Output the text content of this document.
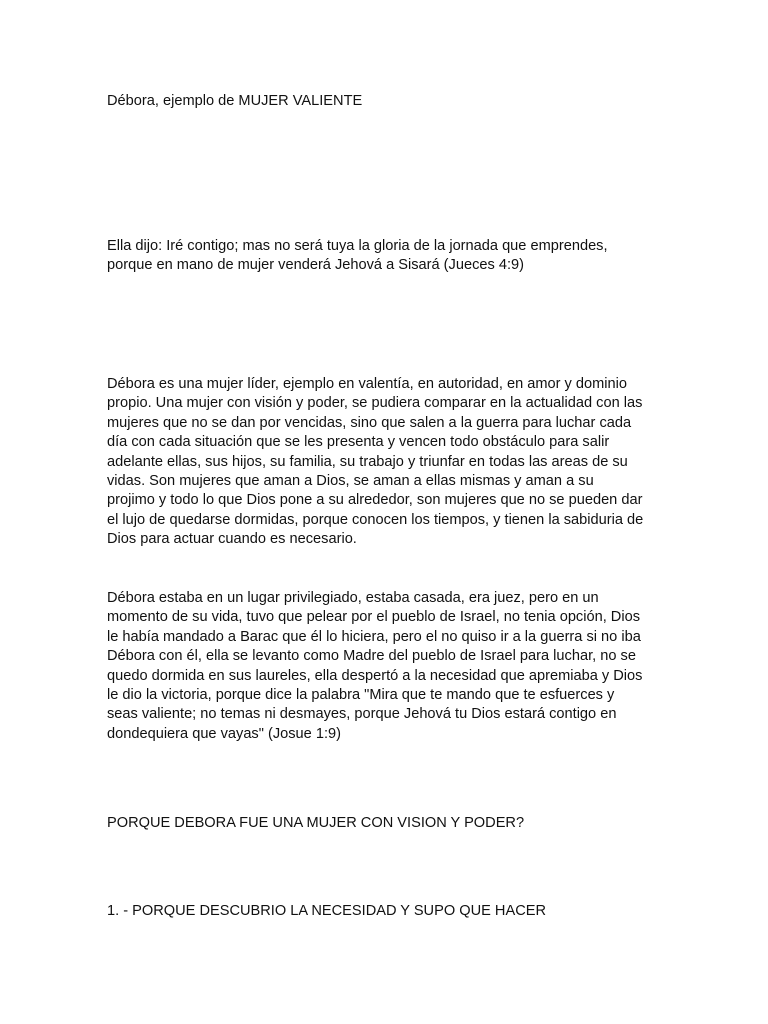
Débora, ejemplo de MUJER VALIENTE

Ella dijo: Iré contigo; mas no será tuya la gloria de la jornada que emprendes,
porque en mano de mujer venderá Jehová a Sisará (Jueces 4:9)

Débora es una mujer líder, ejemplo en valentía, en autoridad, en amor y dominio
propio. Una mujer con visión y poder, se pudiera comparar en la actualidad con las
mujeres que no se dan por vencidas, sino que salen a la guerra para luchar cada
día con cada situación que se les presenta y vencen todo obstáculo para salir
adelante ellas, sus hijos, su familia, su trabajo y triunfar en todas las areas de su
vidas. Son mujeres que aman a Dios, se aman a ellas mismas y aman a su
projimo y todo lo que Dios pone a su alrededor, son mujeres que no se pueden dar
el lujo de quedarse dormidas, porque conocen los tiempos, y tienen la sabiduria de
Dios para actuar cuando es necesario.

Débora estaba en un lugar privilegiado, estaba casada, era juez, pero en un
momento de su vida, tuvo que pelear por el pueblo de Israel, no tenia opción, Dios
le había mandado a Barac que él lo hiciera, pero el no quiso ir a la guerra si no iba
Débora con él, ella se levanto como Madre del pueblo de Israel para luchar, no se
quedo dormida en sus laureles, ella despertó a la necesidad que apremiaba y Dios
le dio la victoria, porque dice la palabra "Mira que te mando que te esfuerces y
seas valiente; no temas ni desmayes, porque Jehová tu Dios estará contigo en
dondequiera que vayas" (Josue 1:9)

PORQUE DEBORA FUE UNA MUJER CON VISION Y PODER?

1. - PORQUE DESCUBRIO LA NECESIDAD Y SUPO QUE HACER
